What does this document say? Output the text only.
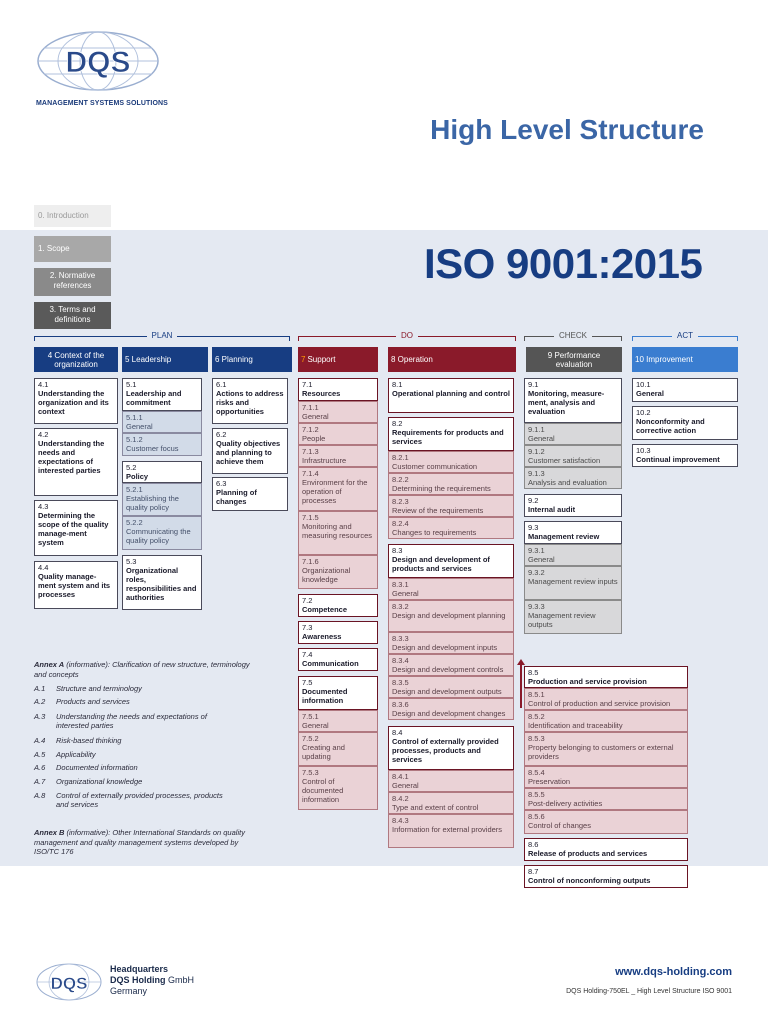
DQS
MANAGEMENT SYSTEMS SOLUTIONS
High Level Structure
0. Introduction
1. Scope
2. Normative references
3. Terms and definitions
ISO 9001:2015
PLAN	DO	CHECK	ACT
4 Context of the organization	5 Leadership	6 Planning	7 Support	8 Operation	9 Performance evaluation	10 Improvement
4.1
Understanding the organization and its context
4.2
Understanding the needs and expectations of interested parties
4.3
Determining the scope of the quality manage-ment system
4.4
Quality manage-ment system and its processes
5.1
Leadership and commitment
5.1.1
General
5.1.2
Customer focus
5.2
Policy
5.2.1
Establishing the quality policy
5.2.2
Communicating the quality policy
5.3
Organizational roles, responsibilities and authorities
6.1
Actions to address risks and opportunities
6.2
Quality objectives and planning to achieve them
6.3
Planning of changes
7.1
Resources
7.1.1
General
7.1.2
People
7.1.3
Infrastructure
7.1.4
Environment for the operation of processes
7.1.5
Monitoring and measuring resources
7.1.6
Organizational knowledge
7.2
Competence
7.3
Awareness
7.4
Communication
7.5
Documented information
7.5.1
General
7.5.2
Creating and updating
7.5.3
Control of documented information
8.1
Operational planning and control
8.2
Requirements for products and services
8.2.1
Customer communication
8.2.2
Determining the requirements
8.2.3
Review of the requirements
8.2.4
Changes to requirements
8.3
Design and development of products and services
8.3.1
General
8.3.2
Design and development planning
8.3.3
Design and development inputs
8.3.4
Design and development controls
8.3.5
Design and development outputs
8.3.6
Design and development changes
8.4
Control of externally provided processes, products and services
8.4.1
General
8.4.2
Type and extent of control
8.4.3
Information for external providers
8.5
Production and service provision
8.5.1
Control of production and service provision
8.5.2
Identification and traceability
8.5.3
Property belonging to customers or external providers
8.5.4
Preservation
8.5.5
Post-delivery activities
8.5.6
Control of changes
8.6
Release of products and services
8.7
Control of nonconforming outputs
9.1
Monitoring, measure-ment, analysis and evaluation
9.1.1
General
9.1.2
Customer satisfaction
9.1.3
Analysis and evaluation
9.2
Internal audit
9.3
Management review
9.3.1
General
9.3.2
Management review inputs
9.3.3
Management review outputs
10.1
General
10.2
Nonconformity and corrective action
10.3
Continual improvement
Annex A (informative): Clarification of new structure, terminology and concepts
A.1 Structure and terminology
A.2 Products and services
A.3 Understanding the needs and expectations of interested parties
A.4 Risk-based thinking
A.5 Applicability
A.6 Documented information
A.7 Organizational knowledge
A.8 Control of externally provided processes, products and services
Annex B (informative): Other International Standards on quality management and quality management systems developed by ISO/TC 176
DQS
Headquarters
DQS Holding GmbH
Germany
www.dqs-holding.com
DQS Holding-750EL _ High Level Structure ISO 9001
